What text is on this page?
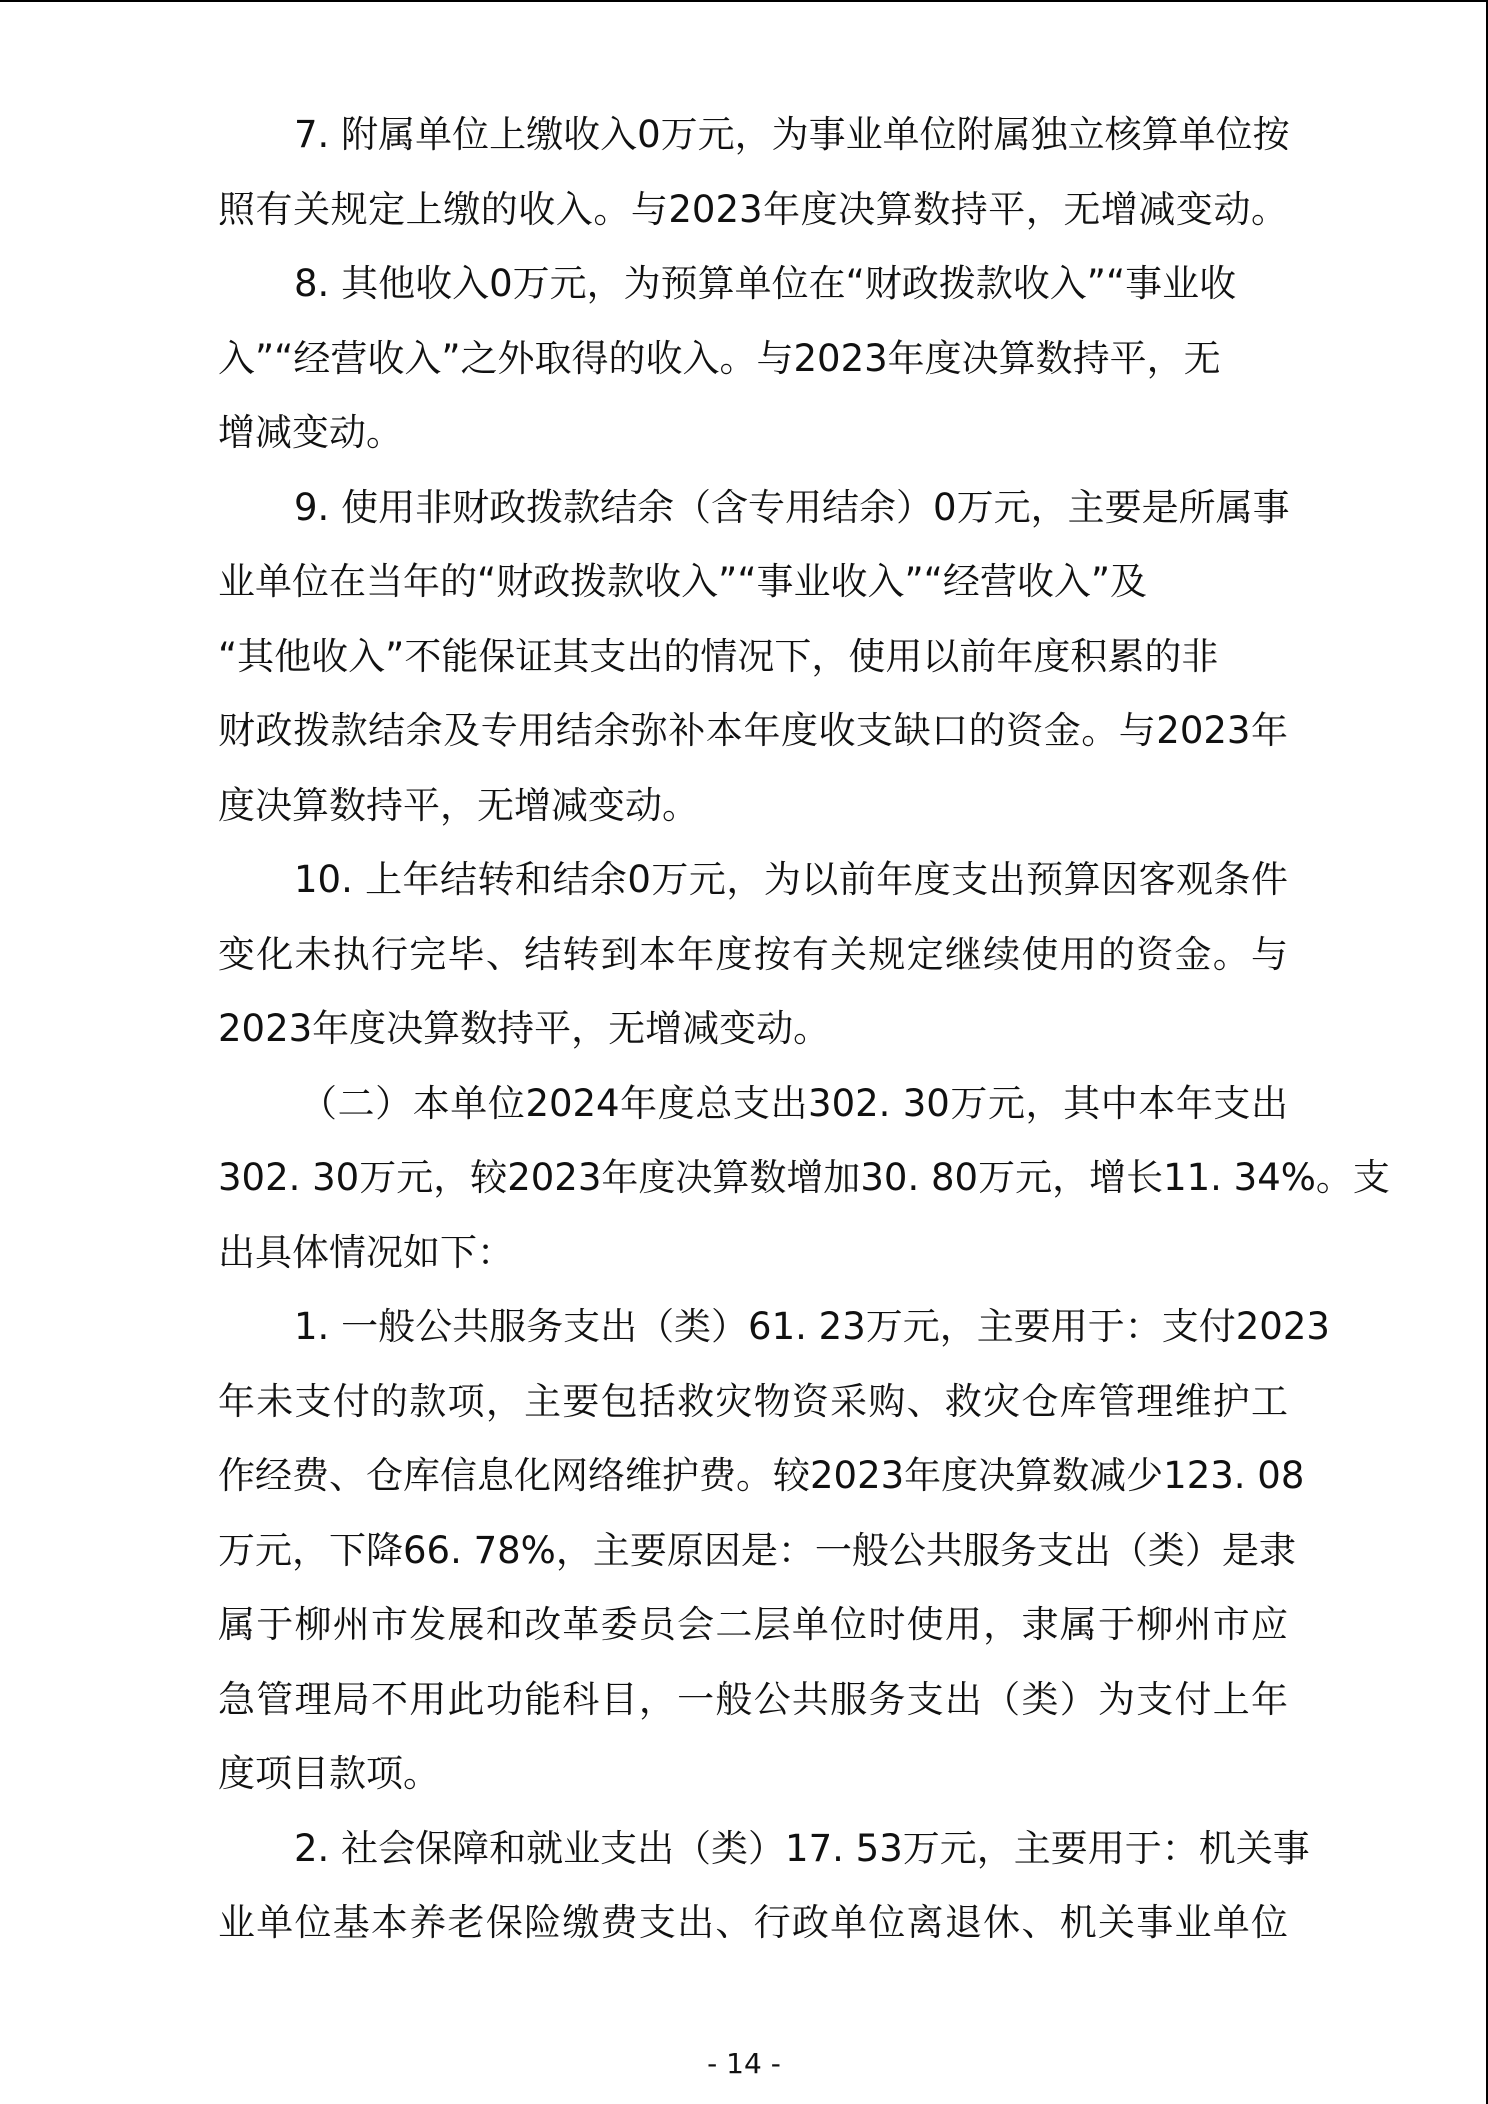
7. 附属单位上缴收入0万元，为事业单位附属独立核算单位按
照有关规定上缴的收入。与2023年度决算数持平，无增减变动。
8. 其他收入0万元，为预算单位在“财政拨款收入”“事业收
入”“经营收入”之外取得的收入。与2023年度决算数持平，无
增减变动。
9. 使用非财政拨款结余（含专用结余）0万元，主要是所属事
业单位在当年的“财政拨款收入”“事业收入”“经营收入”及
“其他收入”不能保证其支出的情况下，使用以前年度积累的非
财政拨款结余及专用结余弥补本年度收支缺口的资金。与2023年
度决算数持平，无增减变动。
10. 上年结转和结余0万元，为以前年度支出预算因客观条件
变化未执行完毕、结转到本年度按有关规定继续使用的资金。与
2023年度决算数持平，无增减变动。
（二）本单位2024年度总支出302. 30万元，其中本年支出
302. 30万元，较2023年度决算数增加30. 80万元，增长11. 34%。支
出具体情况如下：
1. 一般公共服务支出（类）61. 23万元，主要用于：支付2023
年未支付的款项，主要包括救灾物资采购、救灾仓库管理维护工
作经费、仓库信息化网络维护费。较2023年度决算数减少123. 08
万元，下降66. 78%，主要原因是：一般公共服务支出（类）是隶
属于柳州市发展和改革委员会二层单位时使用，隶属于柳州市应
急管理局不用此功能科目，一般公共服务支出（类）为支付上年
度项目款项。
2. 社会保障和就业支出（类）17. 53万元，主要用于：机关事
业单位基本养老保险缴费支出、行政单位离退休、机关事业单位
- 14 -
